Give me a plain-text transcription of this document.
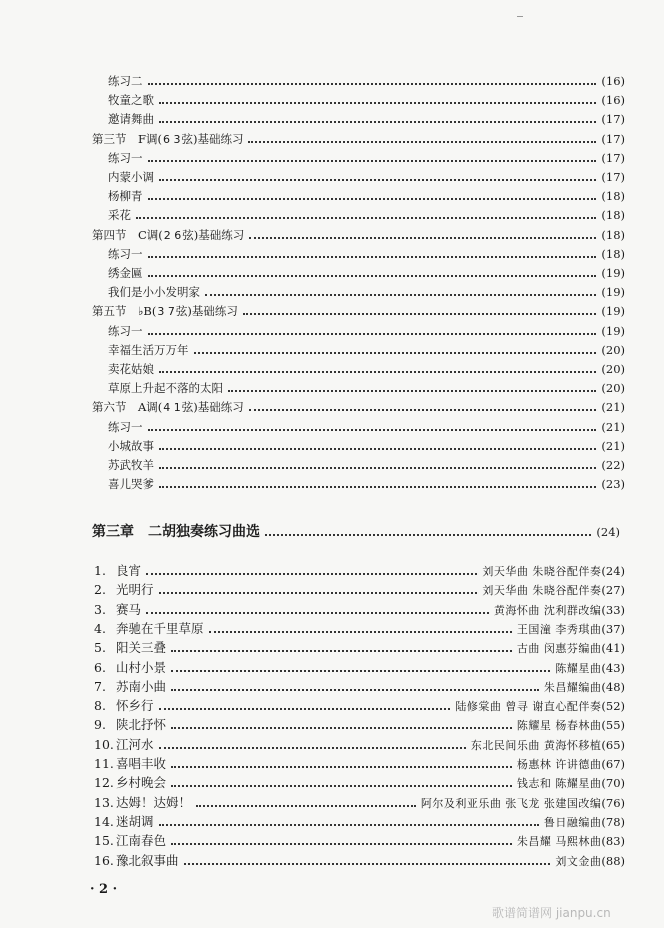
练习二	(16)
牧童之歌	(16)
邀请舞曲	(17)
第三节　F调(6 3弦)基础练习	(17)
练习一	(17)
内蒙小调	(17)
杨柳青	(18)
采花	(18)
第四节　C调(2 6弦)基础练习	(18)
练习一	(18)
绣金匾	(19)
我们是小小发明家	(19)
第五节　♭B(3 7弦)基础练习	(19)
练习一	(19)
幸福生活万万年	(20)
卖花姑娘	(20)
草原上升起不落的太阳	(20)
第六节　A调(4 1弦)基础练习	(21)
练习一	(21)
小城故事	(21)
苏武牧羊	(22)
喜儿哭爹	(23)
第三章 二胡独奏练习曲选	(24)
1. 良宵	刘天华曲 朱晓谷配伴奏 (24)
2. 光明行	刘天华曲 朱晓谷配伴奏 (27)
3. 赛马	黄海怀曲 沈利群改编 (33)
4. 奔驰在千里草原	王国潼 李秀琪曲 (37)
5. 阳关三叠	古曲 闵惠芬编曲 (41)
6. 山村小景	陈耀星曲 (43)
7. 苏南小曲	朱昌耀编曲 (48)
8. 怀乡行	陆修棠曲 曾寻 谢直心配伴奏 (52)
9. 陕北抒怀	陈耀星 杨春林曲 (55)
10. 江河水	东北民间乐曲 黄海怀移植 (65)
11. 喜唱丰收	杨惠林 许讲德曲 (67)
12. 乡村晚会	钱志和 陈耀星曲 (70)
13. 达姆！达姆！	阿尔及利亚乐曲 张飞龙 张建国改编 (76)
14. 迷胡调	鲁日融编曲 (78)
15. 江南春色	朱昌耀 马熙林曲 (83)
16. 豫北叙事曲	刘文金曲 (88)
· 2 ·
歌谱简谱网 jianpu.cn
